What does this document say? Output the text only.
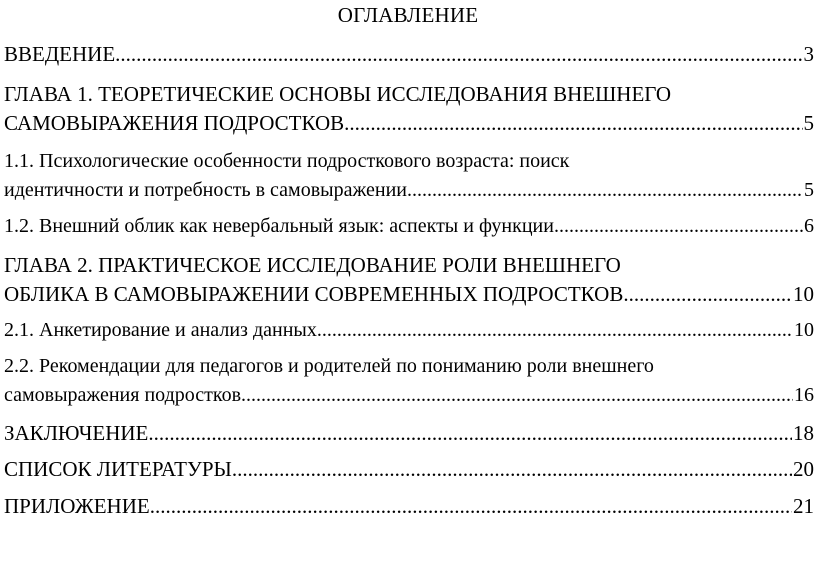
ОГЛАВЛЕНИЕ
ВВЕДЕНИЕ .....	3
ГЛАВА 1. ТЕОРЕТИЧЕСКИЕ ОСНОВЫ ИССЛЕДОВАНИЯ ВНЕШНЕГО
САМОВЫРАЖЕНИЯ ПОДРОСТКОВ .....	5
1.1. Психологические особенности подросткового возраста: поиск
идентичности и потребность в самовыражении .....	5
1.2. Внешний облик как невербальный язык: аспекты и функции .....	6
ГЛАВА 2. ПРАКТИЧЕСКОЕ ИССЛЕДОВАНИЕ РОЛИ ВНЕШНЕГО
ОБЛИКА В САМОВЫРАЖЕНИИ СОВРЕМЕННЫХ ПОДРОСТКОВ .....	10
2.1. Анкетирование и анализ данных .....	10
2.2. Рекомендации для педагогов и родителей по пониманию роли внешнего
самовыражения подростков .....	16
ЗАКЛЮЧЕНИЕ .....	18
СПИСОК ЛИТЕРАТУРЫ .....	20
ПРИЛОЖЕНИЕ .....	21
